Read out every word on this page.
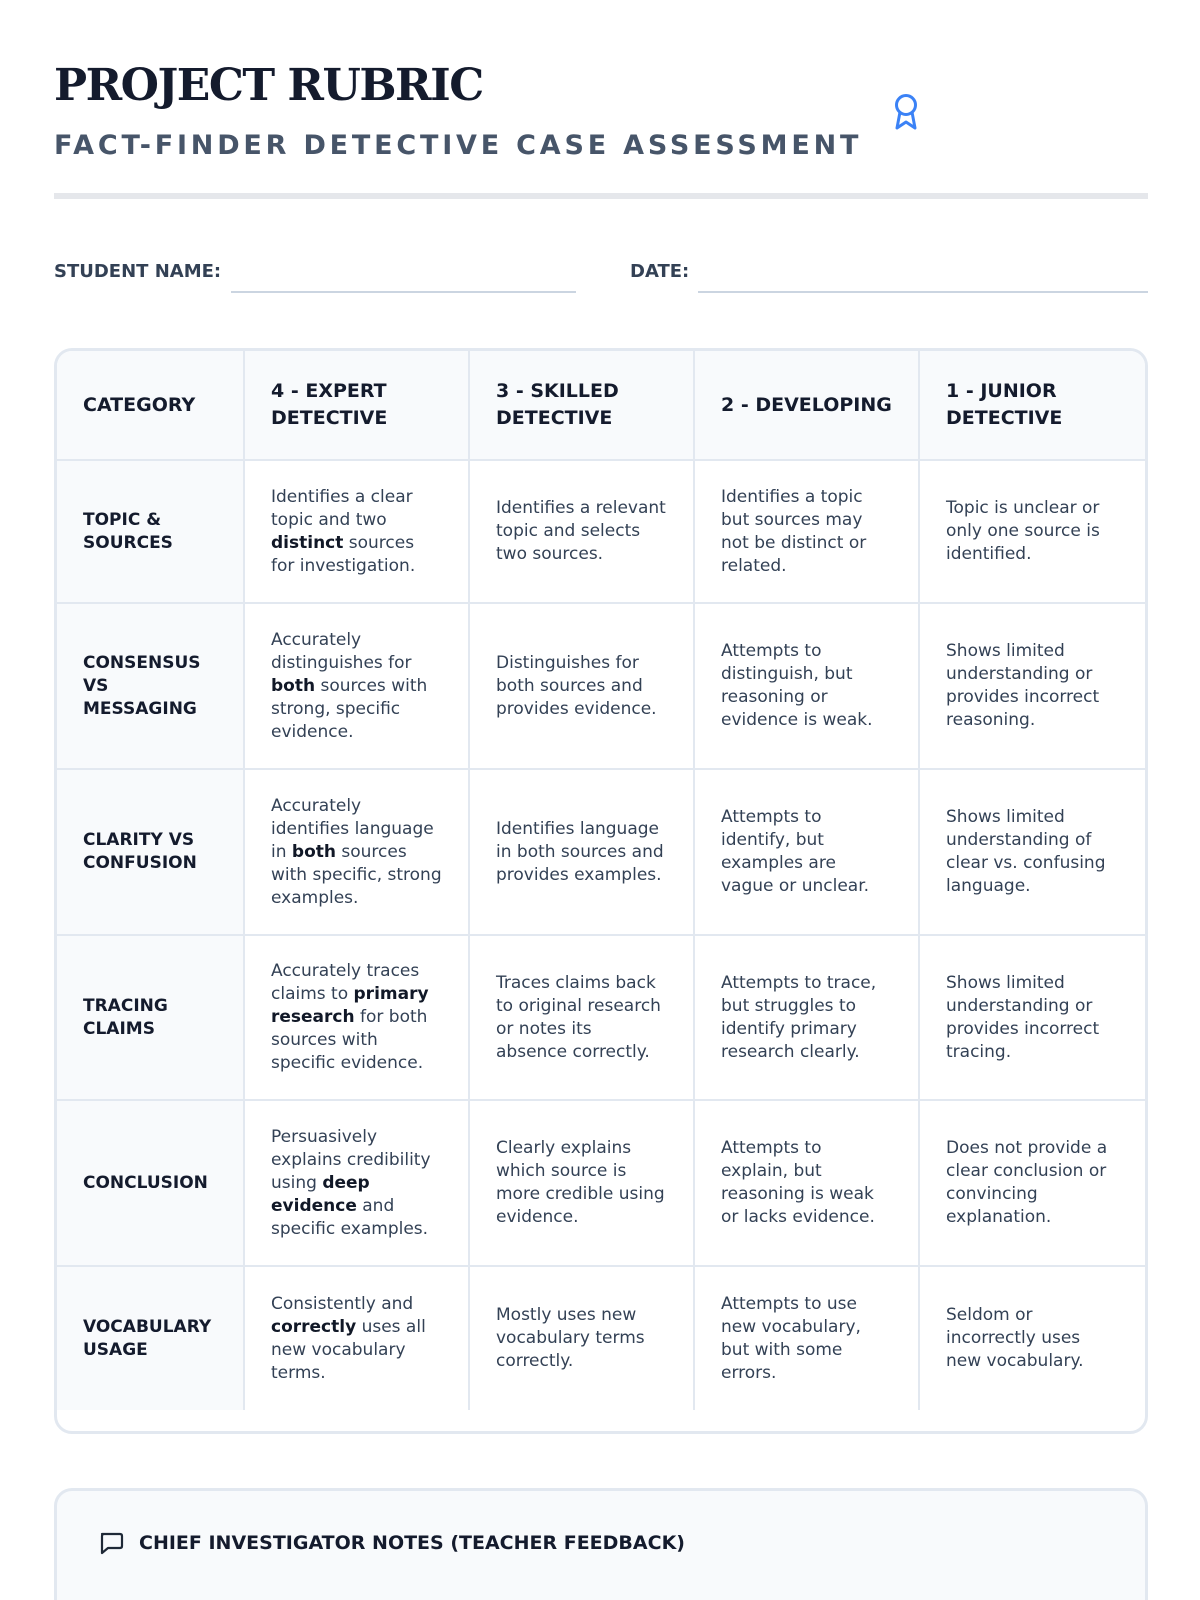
PROJECT RUBRIC
FACT-FINDER DETECTIVE CASE ASSESSMENT
STUDENT NAME:	DATE:
CATEGORY
4 - EXPERT DETECTIVE
3 - SKILLED DETECTIVE
2 - DEVELOPING
1 - JUNIOR DETECTIVE
TOPIC & SOURCES
Identifies a clear topic and two distinct sources for investigation.
Identifies a relevant topic and selects two sources.
Identifies a topic but sources may not be distinct or related.
Topic is unclear or only one source is identified.
CONSENSUS VS MESSAGING
Accurately distinguishes for both sources with strong, specific evidence.
Distinguishes for both sources and provides evidence.
Attempts to distinguish, but reasoning or evidence is weak.
Shows limited understanding or provides incorrect reasoning.
CLARITY VS CONFUSION
Accurately identifies language in both sources with specific, strong examples.
Identifies language in both sources and provides examples.
Attempts to identify, but examples are vague or unclear.
Shows limited understanding of clear vs. confusing language.
TRACING CLAIMS
Accurately traces claims to primary research for both sources with specific evidence.
Traces claims back to original research or notes its absence correctly.
Attempts to trace, but struggles to identify primary research clearly.
Shows limited understanding or provides incorrect tracing.
CONCLUSION
Persuasively explains credibility using deep evidence and specific examples.
Clearly explains which source is more credible using evidence.
Attempts to explain, but reasoning is weak or lacks evidence.
Does not provide a clear conclusion or convincing explanation.
VOCABULARY USAGE
Consistently and correctly uses all new vocabulary terms.
Mostly uses new vocabulary terms correctly.
Attempts to use new vocabulary, but with some errors.
Seldom or incorrectly uses new vocabulary.
CHIEF INVESTIGATOR NOTES (TEACHER FEEDBACK)
